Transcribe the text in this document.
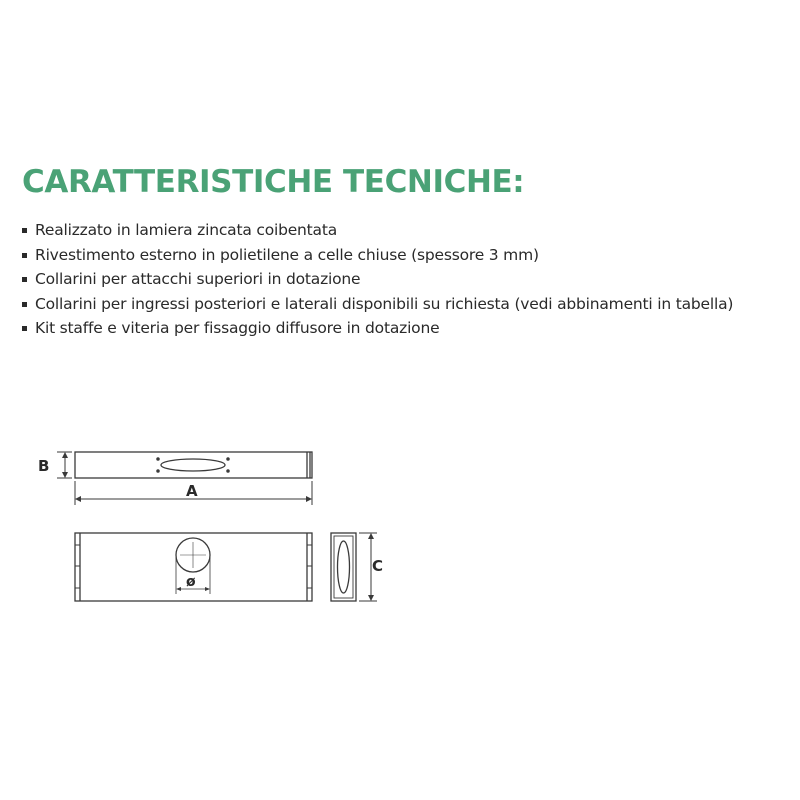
CARATTERISTICHE TECNICHE:
Realizzato in lamiera zincata coibentata
Rivestimento esterno in polietilene a celle chiuse (spessore 3 mm)
Collarini per attacchi superiori in dotazione
Collarini per ingressi posteriori e laterali disponibili su richiesta (vedi abbinamenti in tabella)
Kit staffe e viteria per fissaggio diffusore in dotazione
B
A
ø
C
